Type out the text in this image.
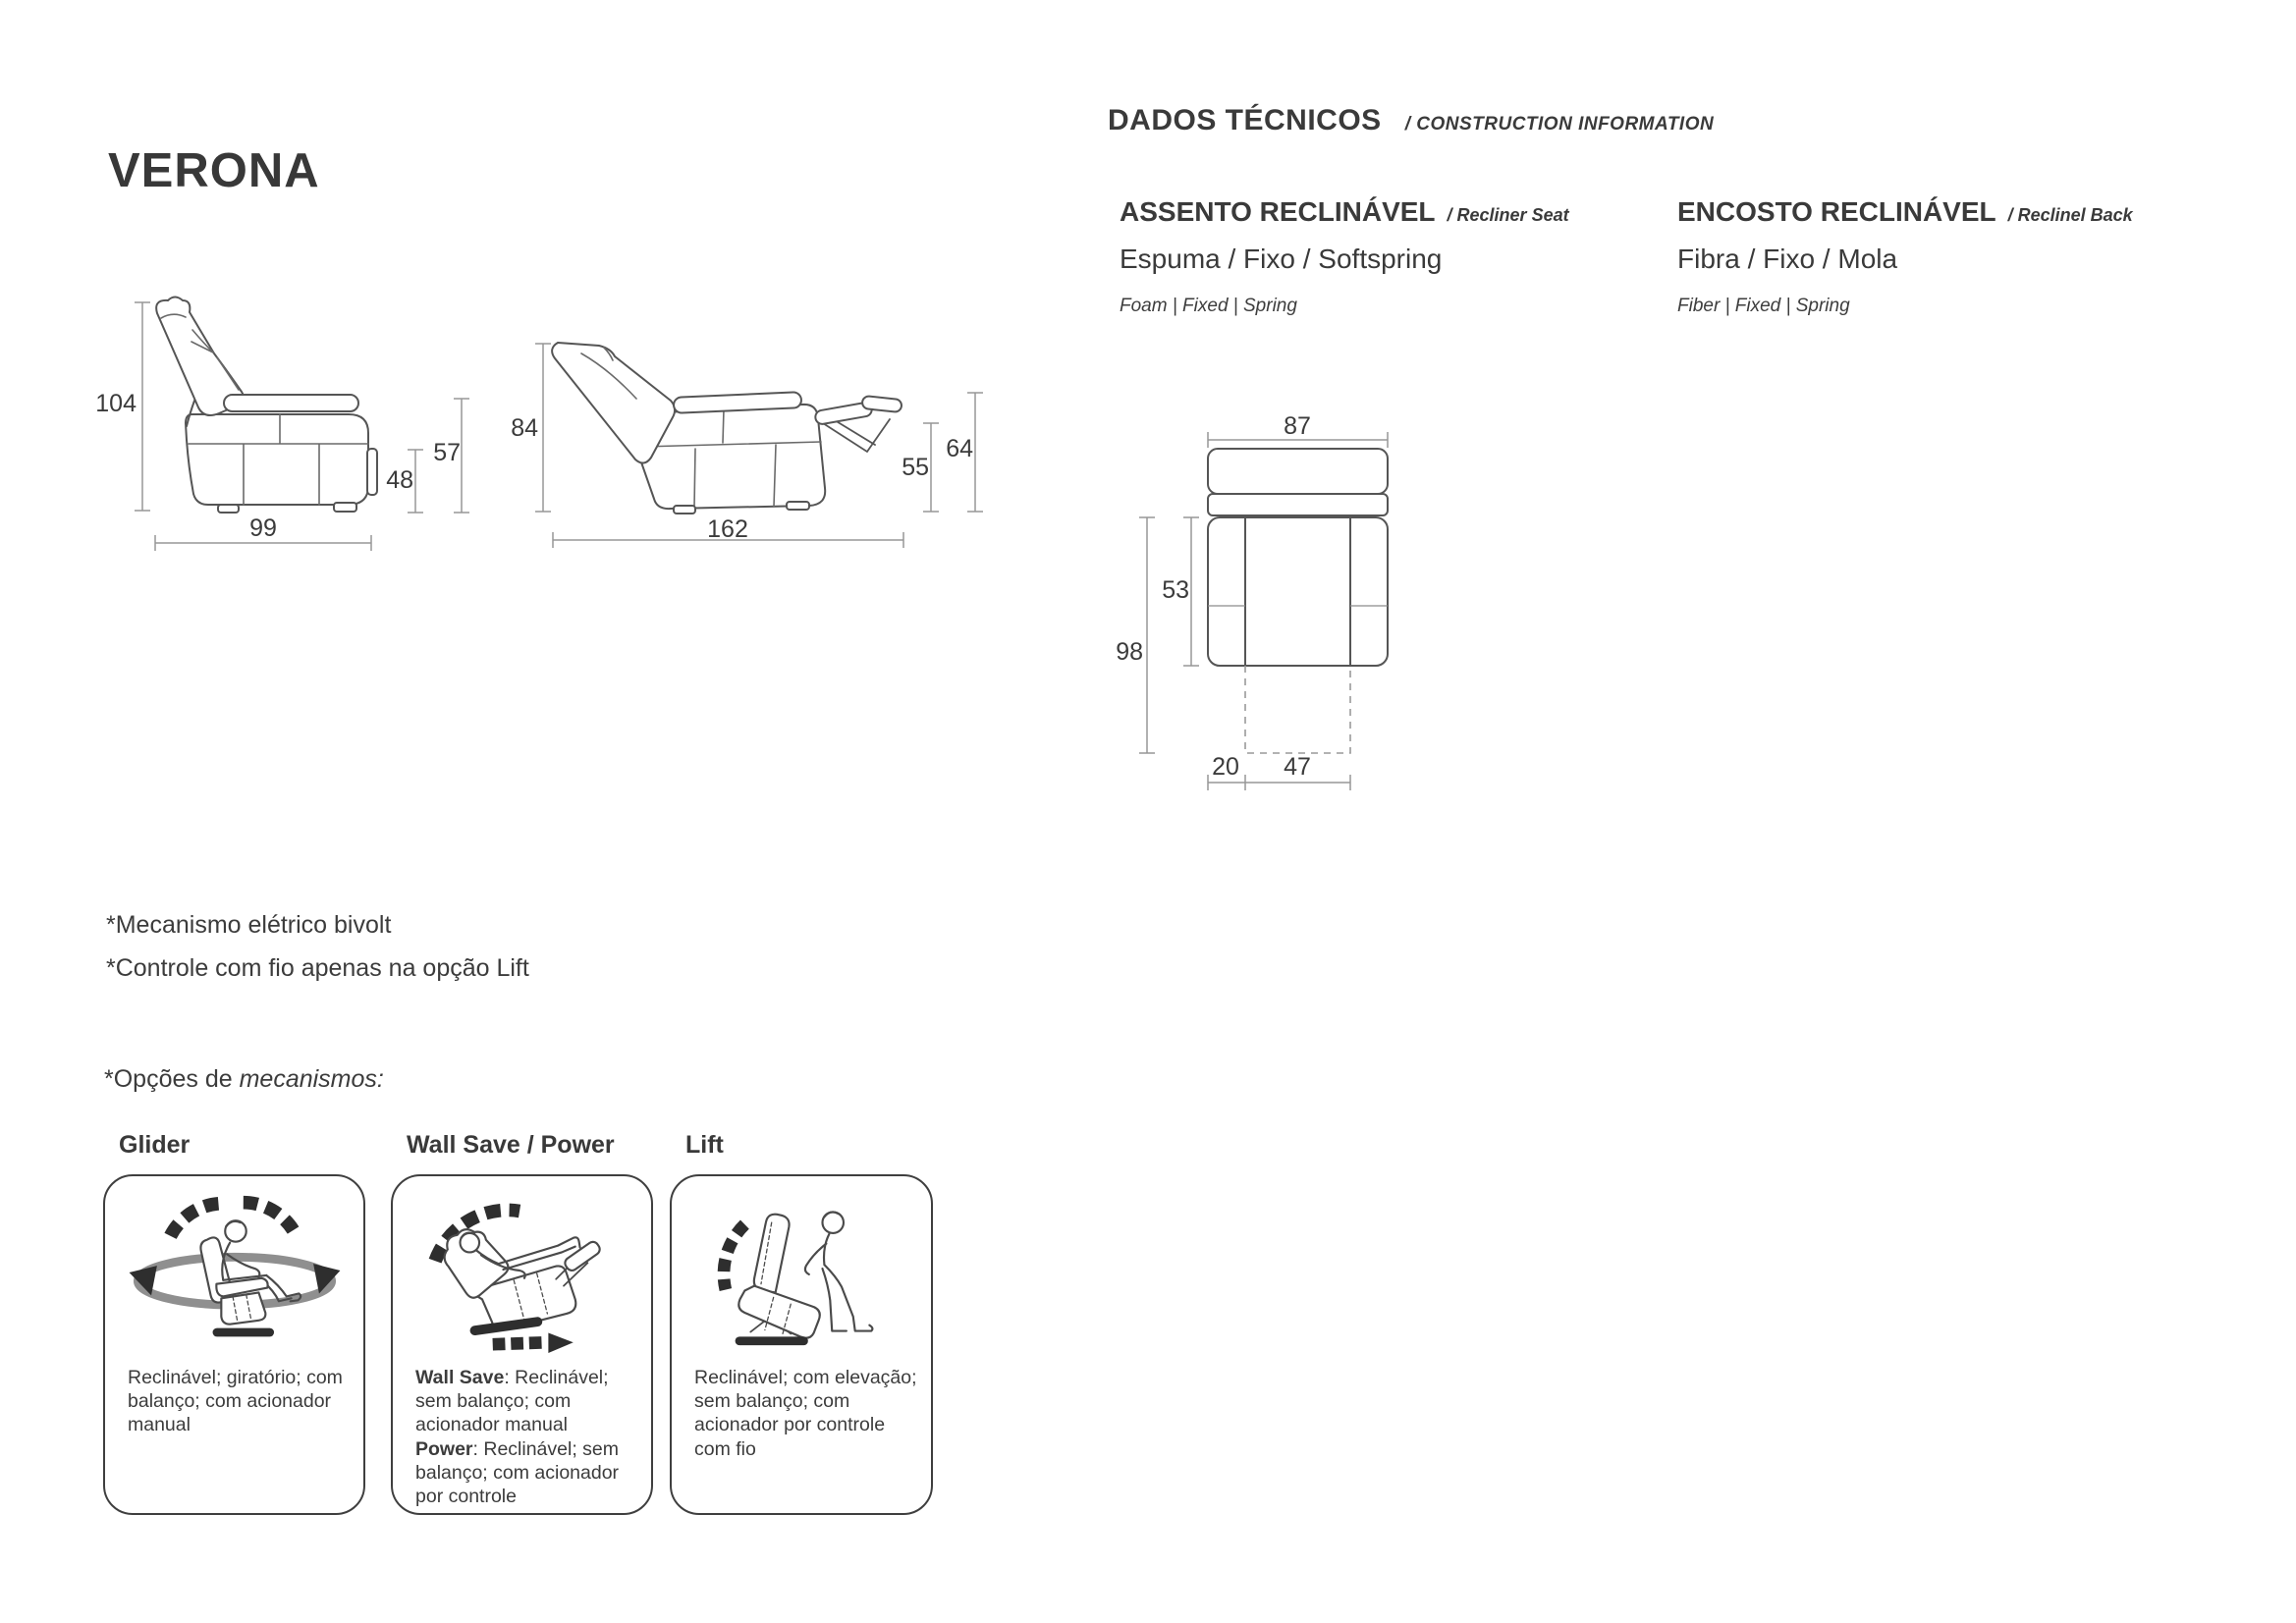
VERONA
DADOS TÉCNICOS / CONSTRUCTION INFORMATION
ASSENTO RECLINÁVEL / Recliner Seat
Espuma / Fixo / Softspring
Foam | Fixed | Spring
ENCOSTO RECLINÁVEL / Reclinel Back
Fibra / Fixo / Mola
Fiber | Fixed | Spring
104
99
48
57
84
162
55
64
87
53
98
20	47
*Mecanismo elétrico bivolt
*Controle com fio apenas na opção Lift
*Opções de mecanismos:
Glider
Reclinável; giratório; com balanço; com acionador manual
Wall Save / Power
Wall Save: Reclinável; sem balanço; com acionador manual
Power: Reclinável; sem balanço; com acionador por controle
Lift
Reclinável; com elevação; sem balanço; com acionador por controle com fio
